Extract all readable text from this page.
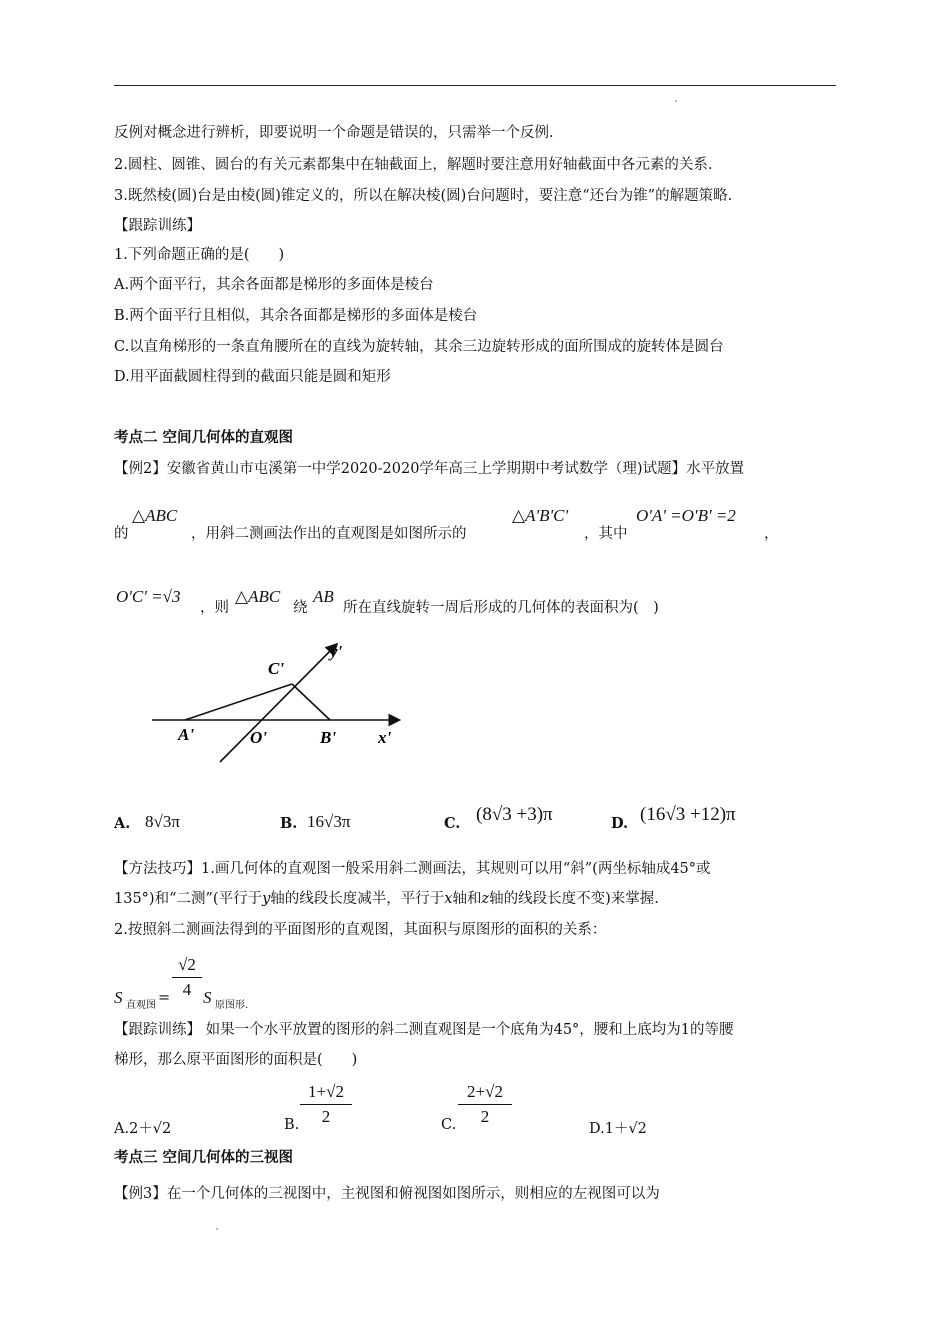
反例对概念进行辨析，即要说明一个命题是错误的，只需举一个反例.
2.圆柱、圆锥、圆台的有关元素都集中在轴截面上，解题时要注意用好轴截面中各元素的关系.
3.既然棱(圆)台是由棱(圆)锥定义的，所以在解决棱(圆)台问题时，要注意“还台为锥”的解题策略.
【跟踪训练】
1.下列命题正确的是(　　)
A.两个面平行，其余各面都是梯形的多面体是棱台
B.两个面平行且相似，其余各面都是梯形的多面体是棱台
C.以直角梯形的一条直角腰所在的直线为旋转轴，其余三边旋转形成的面所围成的旋转体是圆台
D.用平面截圆柱得到的截面只能是圆和矩形
考点二 空间几何体的直观图
【例2】安徽省黄山市屯溪第一中学2020-2020学年高三上学期期中考试数学（理)试题】水平放置
的
△ABC
，用斜二测画法作出的直观图是如图所示的
△A'B'C'
，其中
O'A' =O'B' =2
，
O'C' =√3
，则
△ABC
绕
AB
所在直线旋转一周后形成的几何体的表面积为(　)
C'
y'
A'	O'	B' x'
A. 8√3π	B. 16√3π	C. (8√3 +3)π	D. (16√3 +12)π
【方法技巧】1.画几何体的直观图一般采用斜二测画法，其规则可以用“斜”(两坐标轴成45°或
135°)和“二测”(平行于y轴的线段长度减半，平行于x轴和z轴的线段长度不变)来掌握.
2.按照斜二测画法得到的平面图形的直观图，其面积与原图形的面积的关系：
S 直观图 =
√2
4 S 原图形.
【跟踪训练】 如果一个水平放置的图形的斜二测直观图是一个底角为45°，腰和上底均为1的等腰
梯形，那么原平面图形的面积是(　　)
A.2＋√2	B.
1+√2
2	C.
2+√2
2
D.1＋√2
考点三 空间几何体的三视图
【例3】在一个几何体的三视图中，主视图和俯视图如图所示，则相应的左视图可以为
